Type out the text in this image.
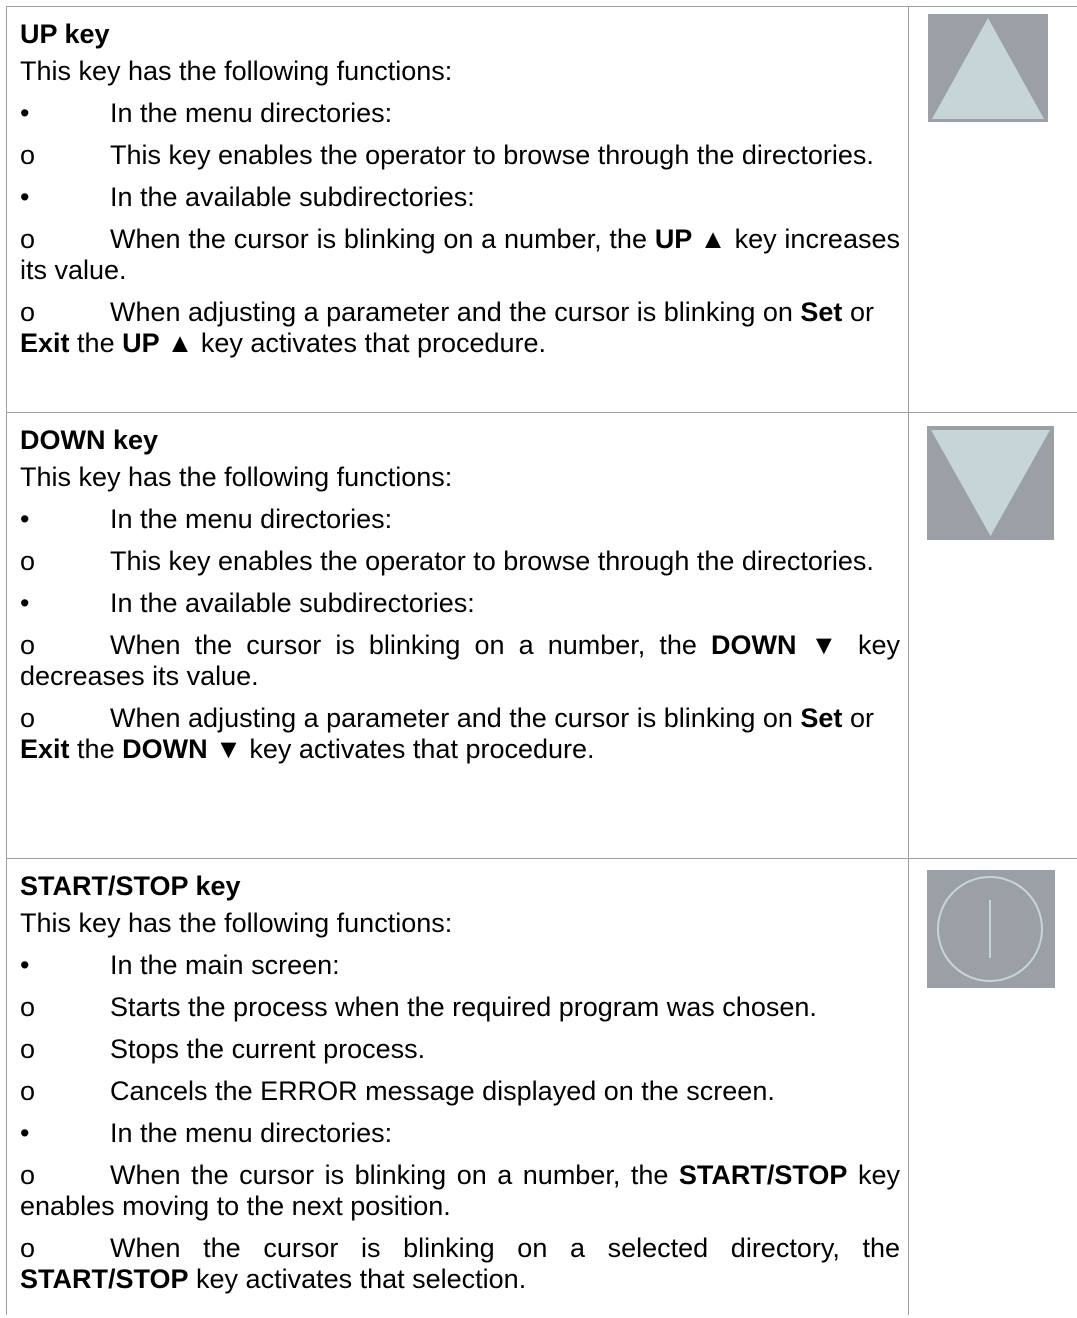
UP key
This key has the following functions:
•	In the menu directories:
o	This key enables the operator to browse through the directories.
•	In the available subdirectories:
o	When the cursor is blinking on a number, the UP ▲ key increases its value.
o	When adjusting a parameter and the cursor is blinking on Set or Exit the UP ▲ key activates that procedure.
DOWN key
This key has the following functions:
•	In the menu directories:
o	This key enables the operator to browse through the directories.
•	In the available subdirectories:
o	When the cursor is blinking on a number, the DOWN ▼ key decreases its value.
o	When adjusting a parameter and the cursor is blinking on Set or Exit the DOWN ▼ key activates that procedure.
START/STOP key
This key has the following functions:
•	In the main screen:
o	Starts the process when the required program was chosen.
o	Stops the current process.
o	Cancels the ERROR message displayed on the screen.
•	In the menu directories:
o	When the cursor is blinking on a number, the START/STOP key enables moving to the next position.
o	When the cursor is blinking on a selected directory, the START/STOP key activates that selection.
